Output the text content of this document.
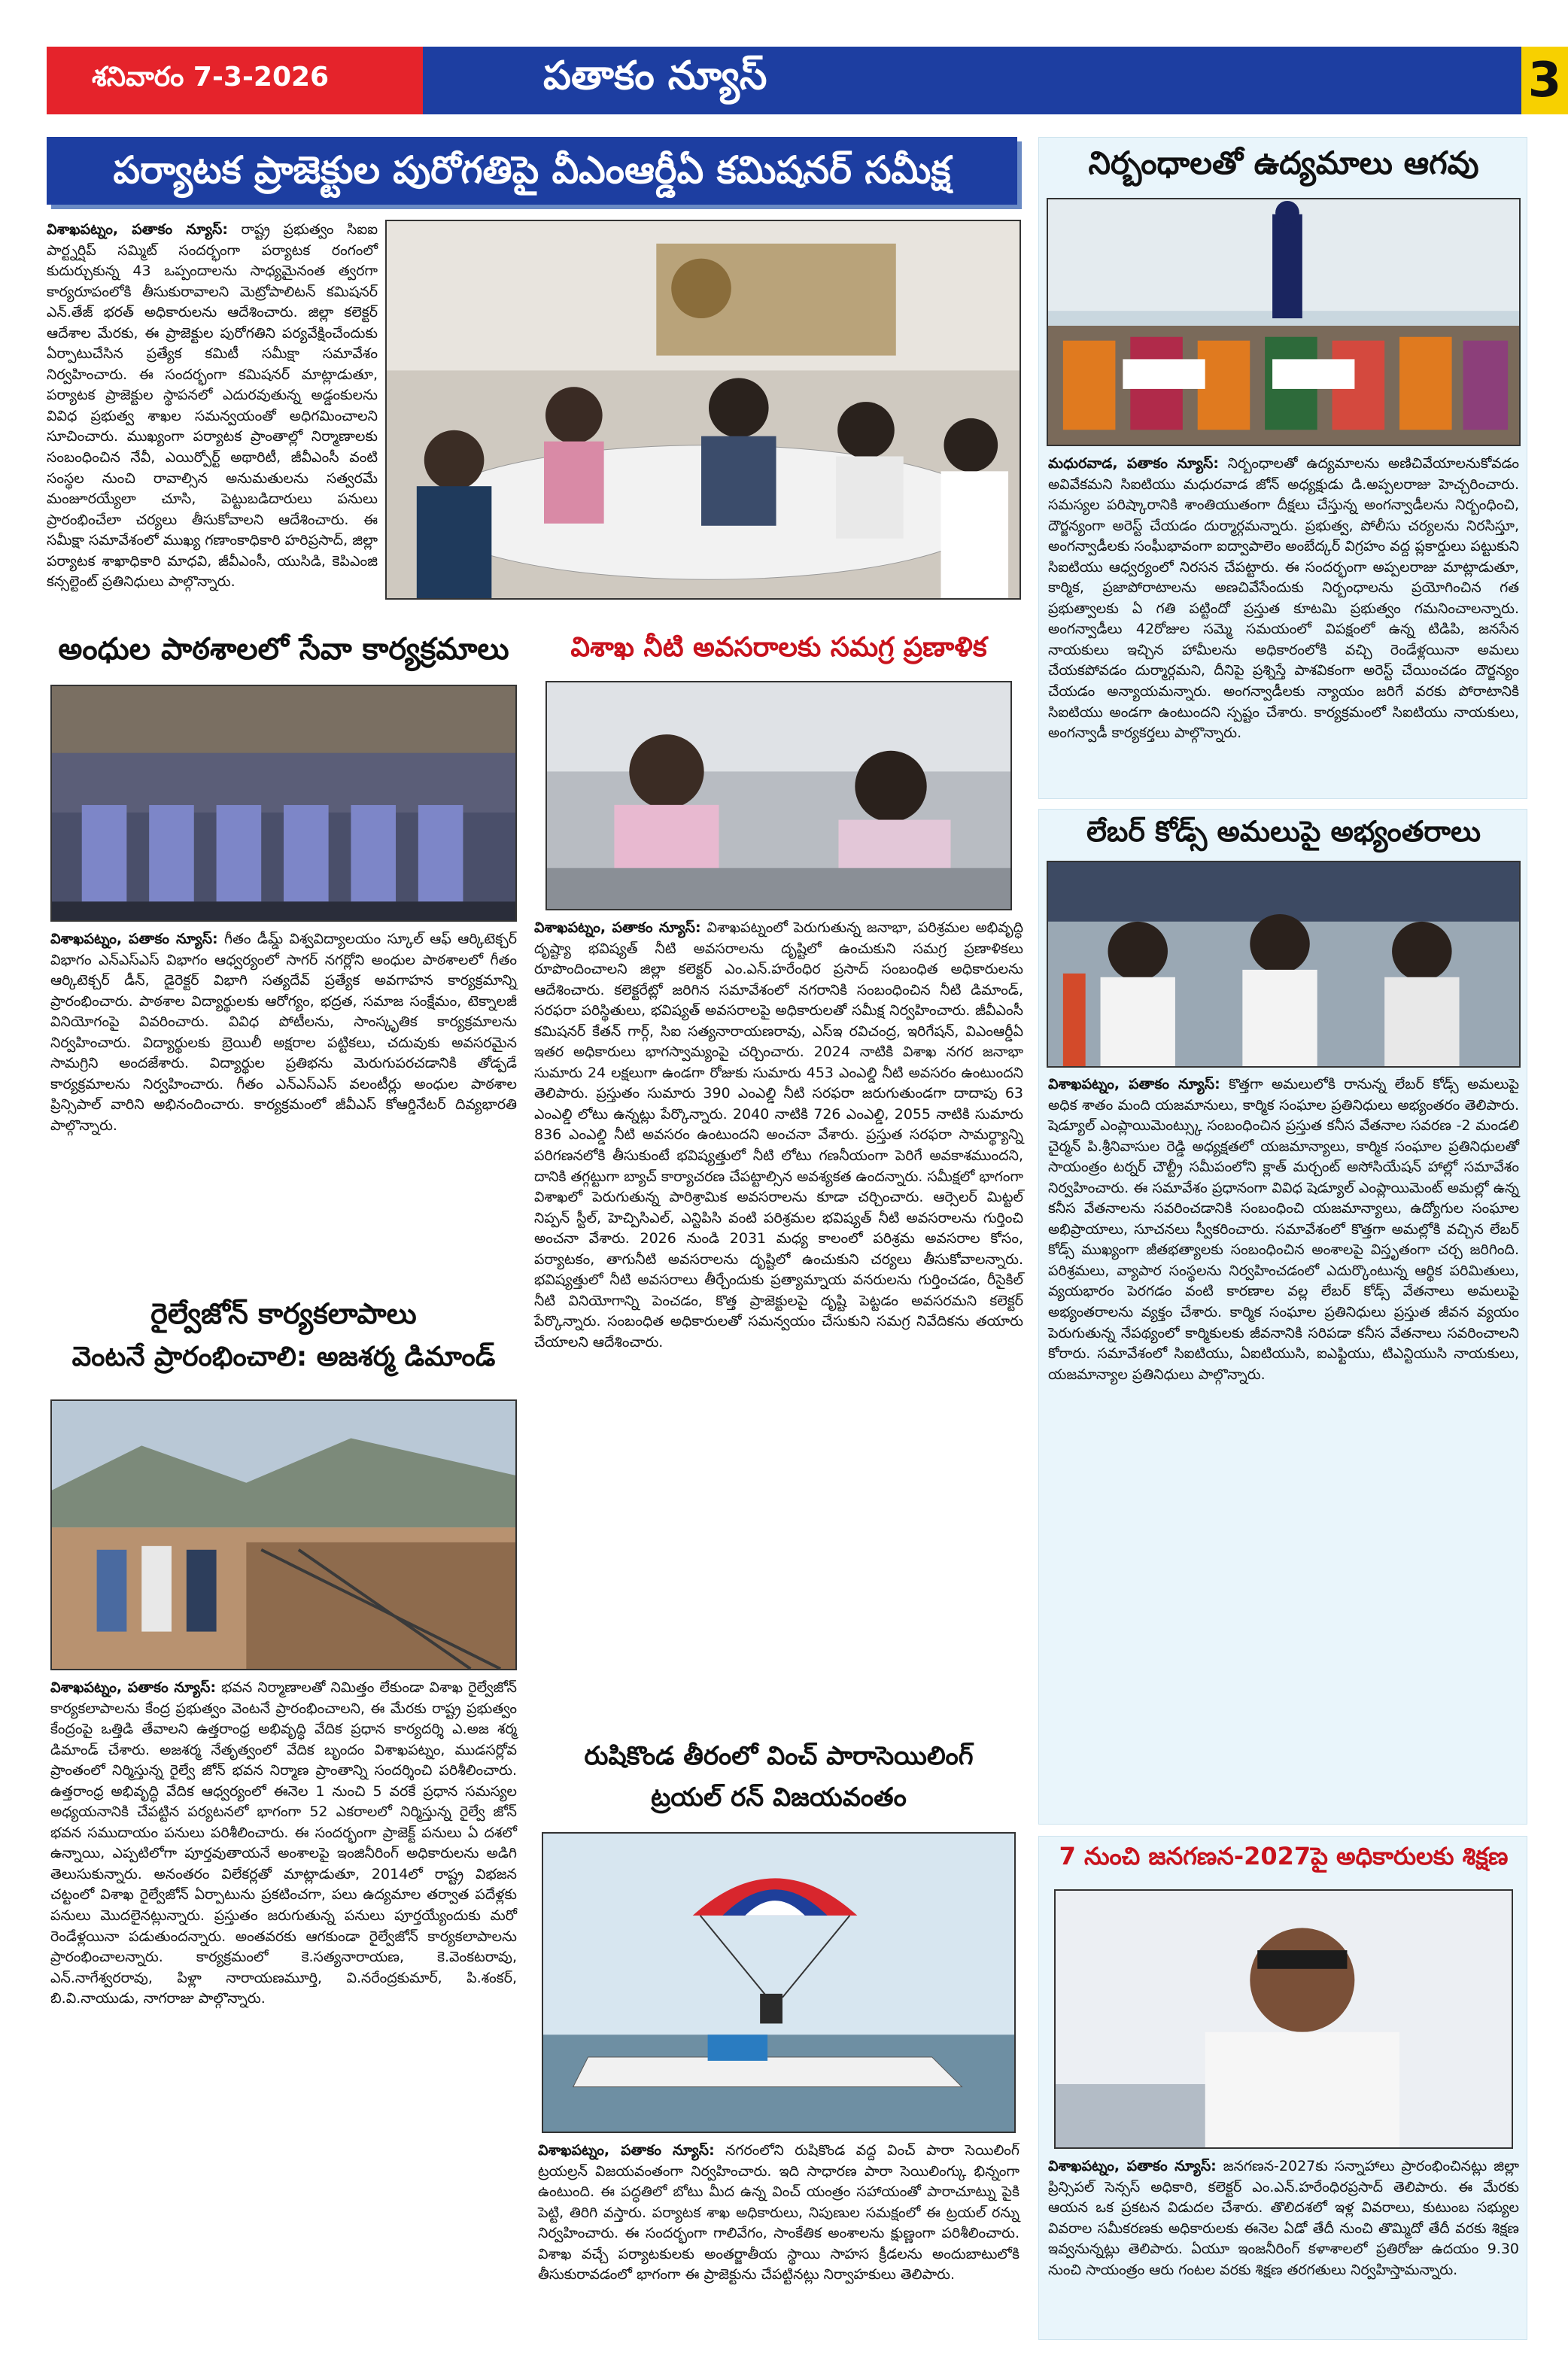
శనివారం 7-3-2026	పతాకం న్యూస్	3
పర్యాటక ప్రాజెక్టుల పురోగతిపై వీఎంఆర్డీఏ కమిషనర్ సమీక్ష
విశాఖపట్నం, పతాకం న్యూస్: రాష్ట్ర ప్రభుత్వం సిఐఐ పార్ట్నర్షిప్ సమ్మిట్ సందర్భంగా పర్యాటక రంగంలో కుదుర్చుకున్న 43 ఒప్పందాలను సాధ్యమైనంత త్వరగా కార్యరూపంలోకి తీసుకురావాలని మెట్రోపాలిటన్ కమిషనర్ ఎన్.తేజ్ భరత్ అధికారులను ఆదేశించారు. జిల్లా కలెక్టర్ ఆదేశాల మేరకు, ఈ ప్రాజెక్టుల పురోగతిని పర్యవేక్షించేందుకు ఏర్పాటుచేసిన ప్రత్యేక కమిటీ సమీక్షా సమావేశం నిర్వహించారు. ఈ సందర్భంగా కమిషనర్ మాట్లాడుతూ, పర్యాటక ప్రాజెక్టుల స్థాపనలో ఎదురవుతున్న అడ్డంకులను వివిధ ప్రభుత్వ శాఖల సమన్వయంతో అధిగమించాలని సూచించారు. ముఖ్యంగా పర్యాటక ప్రాంతాల్లో నిర్మాణాలకు సంబంధించిన నేవీ, ఎయిర్పోర్ట్ అథారిటీ, జీవీఎంసీ వంటి సంస్థల నుంచి రావాల్సిన అనుమతులను సత్వరమే మంజూరయ్యేలా చూసి, పెట్టుబడిదారులు పనులు ప్రారంభించేలా చర్యలు తీసుకోవాలని ఆదేశించారు. ఈ సమీక్షా సమావేశంలో ముఖ్య గణాంకాధికారి హరిప్రసాద్, జిల్లా పర్యాటక శాఖాధికారి మాధవి, జీవీఎంసీ, యుసిడి, కెపిఎంజి కన్సల్టెంట్ ప్రతినిధులు పాల్గొన్నారు.
నిర్బంధాలతో ఉద్యమాలు ఆగవు
మధురవాడ, పతాకం న్యూస్: నిర్బంధాలతో ఉద్యమాలను అణిచివేయాలనుకోవడం అవివేకమని సిఐటియు మధురవాడ జోన్ అధ్యక్షుడు డి.అప్పలరాజు హెచ్చరించారు. సమస్యల పరిష్కారానికి శాంతియుతంగా దీక్షలు చేస్తున్న అంగన్వాడీలను నిర్బంధించి, దౌర్జన్యంగా అరెస్ట్ చేయడం దుర్మార్గమన్నారు. ప్రభుత్వ, పోలీసు చర్యలను నిరసిస్తూ, అంగన్వాడీలకు సంఘీభావంగా ఐద్వాపాలెం అంబేద్కర్ విగ్రహం వద్ద ప్లకార్డులు పట్టుకుని సిఐటియు ఆధ్వర్యంలో నిరసన చేపట్టారు. ఈ సందర్భంగా అప్పలరాజు మాట్లాడుతూ, కార్మిక, ప్రజాపోరాటాలను అణచివేసేందుకు నిర్బంధాలను ప్రయోగించిన గత ప్రభుత్వాలకు ఏ గతి పట్టిందో ప్రస్తుత కూటమి ప్రభుత్వం గమనించాలన్నారు. అంగన్వాడీలు 42రోజుల సమ్మె సమయంలో విపక్షంలో ఉన్న టిడిపి, జనసేన నాయకులు ఇచ్చిన హామీలను అధికారంలోకి వచ్చి రెండేళ్లయినా అమలు చేయకపోవడం దుర్మార్గమని, దీనిపై ప్రశ్నిస్తే పాశవికంగా అరెస్ట్ చేయించడం దౌర్జన్యం చేయడం అన్యాయమన్నారు. అంగన్వాడీలకు న్యాయం జరిగే వరకు పోరాటానికి సిఐటియు అండగా ఉంటుందని స్పష్టం చేశారు. కార్యక్రమంలో సిఐటియు నాయకులు, అంగన్వాడీ కార్యకర్తలు పాల్గొన్నారు.
అంధుల పాఠశాలలో సేవా కార్యక్రమాలు
విశాఖపట్నం, పతాకం న్యూస్: గీతం డీమ్డ్ విశ్వవిద్యాలయం స్కూల్ ఆఫ్ ఆర్కిటెక్చర్ విభాగం ఎన్ఎస్ఎస్ విభాగం ఆధ్వర్యంలో సాగర్ నగర్లోని అంధుల పాఠశాలలో గీతం ఆర్కిటెక్చర్ డీన్, డైరెక్టర్ విభాగి సత్యదేవ్ ప్రత్యేక అవగాహన కార్యక్రమాన్ని ప్రారంభించారు. పాఠశాల విద్యార్థులకు ఆరోగ్యం, భద్రత, సమాజ సంక్షేమం, టెక్నాలజీ వినియోగంపై వివరించారు. వివిధ పోటీలను, సాంస్కృతిక కార్యక్రమాలను నిర్వహించారు. విద్యార్థులకు బ్రెయిలీ అక్షరాల పట్టికలు, చదువుకు అవసరమైన సామగ్రిని అందజేశారు. విద్యార్థుల ప్రతిభను మెరుగుపరచడానికి తోడ్పడే కార్యక్రమాలను నిర్వహించారు. గీతం ఎన్ఎస్ఎస్ వలంటీర్లు అంధుల పాఠశాల ప్రిన్సిపాల్ వారిని అభినందించారు. కార్యక్రమంలో జీవీఎస్ కోఆర్డినేటర్ దివ్యభారతి పాల్గొన్నారు.
విశాఖ నీటి అవసరాలకు సమగ్ర ప్రణాళిక
విశాఖపట్నం, పతాకం న్యూస్: విశాఖపట్నంలో పెరుగుతున్న జనాభా, పరిశ్రమల అభివృద్ధి దృష్ట్యా భవిష్యత్ నీటి అవసరాలను దృష్టిలో ఉంచుకుని సమగ్ర ప్రణాళికలు రూపొందించాలని జిల్లా కలెక్టర్ ఎం.ఎన్.హరేంధిర ప్రసాద్ సంబంధిత అధికారులను ఆదేశించారు. కలెక్టరేట్లో జరిగిన సమావేశంలో నగరానికి సంబంధించిన నీటి డిమాండ్, సరఫరా పరిస్థితులు, భవిష్యత్ అవసరాలపై అధికారులతో సమీక్ష నిర్వహించారు. జీవీఎంసీ కమిషనర్ కేతన్ గార్గ్, సిఐ సత్యనారాయణరావు, ఎస్ఇ రవిచంద్ర, ఇరిగేషన్, విఎంఆర్డీఏ ఇతర అధికారులు భాగస్వామ్యంపై చర్చించారు. 2024 నాటికి విశాఖ నగర జనాభా సుమారు 24 లక్షలుగా ఉండగా రోజుకు సుమారు 453 ఎంఎల్డి నీటి అవసరం ఉంటుందని తెలిపారు. ప్రస్తుతం సుమారు 390 ఎంఎల్డి నీటి సరఫరా జరుగుతుండగా దాదాపు 63 ఎంఎల్డి లోటు ఉన్నట్లు పేర్కొన్నారు. 2040 నాటికి 726 ఎంఎల్డి, 2055 నాటికి సుమారు 836 ఎంఎల్డి నీటి అవసరం ఉంటుందని అంచనా వేశారు. ప్రస్తుత సరఫరా సామర్థ్యాన్ని పరిగణనలోకి తీసుకుంటే భవిష్యత్తులో నీటి లోటు గణనీయంగా పెరిగే అవకాశముందని, దానికి తగ్గట్టుగా బ్యాచ్ కార్యాచరణ చేపట్టాల్సిన అవశ్యకత ఉందన్నారు. సమీక్షలో భాగంగా విశాఖలో పెరుగుతున్న పారిశ్రామిక అవసరాలను కూడా చర్చించారు. ఆర్సెలర్ మిట్టల్ నిప్పన్ స్టీల్, హెచ్పిసిఎల్, ఎన్టిపిసి వంటి పరిశ్రమల భవిష్యత్ నీటి అవసరాలను గుర్తించి అంచనా వేశారు. 2026 నుండి 2031 మధ్య కాలంలో పరిశ్రమ అవసరాల కోసం, పర్యాటకం, తాగునీటి అవసరాలను దృష్టిలో ఉంచుకుని చర్యలు తీసుకోవాలన్నారు. భవిష్యత్తులో నీటి అవసరాలు తీర్చేందుకు ప్రత్యామ్నాయ వనరులను గుర్తించడం, రీసైకిల్ నీటి వినియోగాన్ని పెంచడం, కొత్త ప్రాజెక్టులపై దృష్టి పెట్టడం అవసరమని కలెక్టర్ పేర్కొన్నారు. సంబంధిత అధికారులతో సమన్వయం చేసుకుని సమగ్ర నివేదికను తయారు చేయాలని ఆదేశించారు.
లేబర్ కోడ్స్ అమలుపై అభ్యంతరాలు
విశాఖపట్నం, పతాకం న్యూస్: కొత్తగా అమలులోకి రానున్న లేబర్ కోడ్స్ అమలుపై అధిక శాతం మంది యజమానులు, కార్మిక సంఘాల ప్రతినిధులు అభ్యంతరం తెలిపారు. షెడ్యూల్ ఎంప్లాయిమెంట్స్కు సంబంధించిన ప్రస్తుత కనీస వేతనాల సవరణ -2 మండలి చైర్మన్ పి.శ్రీనివాసుల రెడ్డి అధ్యక్షతలో యజమాన్యాలు, కార్మిక సంఘాల ప్రతినిధులతో సాయంత్రం టర్నర్ చౌల్ట్రీ సమీపంలోని క్లాత్ మర్చంట్ అసోసియేషన్ హాల్లో సమావేశం నిర్వహించారు. ఈ సమావేశం ప్రధానంగా వివిధ షెడ్యూల్ ఎంప్లాయిమెంట్ అమల్లో ఉన్న కనీస వేతనాలను సవరించడానికి సంబంధించి యజమాన్యాలు, ఉద్యోగుల సంఘాల అభిప్రాయాలు, సూచనలు స్వీకరించారు. సమావేశంలో కొత్తగా అమల్లోకి వచ్చిన లేబర్ కోడ్స్ ముఖ్యంగా జీతభత్యాలకు సంబంధించిన అంశాలపై విస్తృతంగా చర్చ జరిగింది. పరిశ్రమలు, వ్యాపార సంస్థలను నిర్వహించడంలో ఎదుర్కొంటున్న ఆర్థిక పరిమితులు, వ్యయభారం పెరగడం వంటి కారణాల వల్ల లేబర్ కోడ్స్ వేతనాలు అమలుపై అభ్యంతరాలను వ్యక్తం చేశారు. కార్మిక సంఘాల ప్రతినిధులు ప్రస్తుత జీవన వ్యయం పెరుగుతున్న నేపథ్యంలో కార్మికులకు జీవనానికి సరిపడా కనీస వేతనాలు సవరించాలని కోరారు. సమావేశంలో సిఐటియు, ఏఐటియుసి, ఐఎఫ్టియు, టిఎన్టియుసి నాయకులు, యజమాన్యాల ప్రతినిధులు పాల్గొన్నారు.
రైల్వేజోన్ కార్యకలాపాలు
వెంటనే ప్రారంభించాలి: అజశర్మ డిమాండ్
విశాఖపట్నం, పతాకం న్యూస్: భవన నిర్మాణాలతో నిమిత్తం లేకుండా విశాఖ రైల్వేజోన్ కార్యకలాపాలను కేంద్ర ప్రభుత్వం వెంటనే ప్రారంభించాలని, ఈ మేరకు రాష్ట్ర ప్రభుత్వం కేంద్రంపై ఒత్తిడి తేవాలని ఉత్తరాంధ్ర అభివృద్ధి వేదిక ప్రధాన కార్యదర్శి ఎ.అజ శర్మ డిమాండ్ చేశారు. అజశర్మ నేతృత్వంలో వేదిక బృందం విశాఖపట్నం, ముడసర్లోవ ప్రాంతంలో నిర్మిస్తున్న రైల్వే జోన్ భవన నిర్మాణ ప్రాంతాన్ని సందర్శించి పరిశీలించారు. ఉత్తరాంధ్ర అభివృద్ధి వేదిక ఆధ్వర్యంలో ఈనెల 1 నుంచి 5 వరకే ప్రధాన సమస్యల అధ్యయనానికి చేపట్టిన పర్యటనలో భాగంగా 52 ఎకరాలలో నిర్మిస్తున్న రైల్వే జోన్ భవన సముదాయం పనులు పరిశీలించారు. ఈ సందర్భంగా ప్రాజెక్ట్ పనులు ఏ దశలో ఉన్నాయి, ఎప్పటిలోగా పూర్తవుతాయనే అంశాలపై ఇంజినీరింగ్ అధికారులను అడిగి తెలుసుకున్నారు. అనంతరం విలేకర్లతో మాట్లాడుతూ, 2014లో రాష్ట్ర విభజన చట్టంలో విశాఖ రైల్వేజోన్ ఏర్పాటును ప్రకటించగా, పలు ఉద్యమాల తర్వాత పదేళ్లకు పనులు మొదలైనట్లున్నారు. ప్రస్తుతం జరుగుతున్న పనులు పూర్తయ్యేందుకు మరో రెండేళ్లయినా పడుతుందన్నారు. అంతవరకు ఆగకుండా రైల్వేజోన్ కార్యకలాపాలను ప్రారంభించాలన్నారు. కార్యక్రమంలో కె.సత్యనారాయణ, కె.వెంకటరావు, ఎన్.నాగేశ్వరరావు, పిళ్లా నారాయణమూర్తి, వి.నరేంద్రకుమార్, పి.శంకర్, బి.వి.నాయుడు, నాగరాజు పాల్గొన్నారు.
రుషికొండ తీరంలో వించ్ పారాసెయిలింగ్
ట్రయల్ రన్ విజయవంతం
విశాఖపట్నం, పతాకం న్యూస్: నగరంలోని రుషికొండ వద్ద వించ్ పారా సెయిలింగ్ ట్రయల్రన్ విజయవంతంగా నిర్వహించారు. ఇది సాధారణ పారా సెయిలింగ్కు భిన్నంగా ఉంటుంది. ఈ పద్ధతిలో బోటు మీద ఉన్న వించ్ యంత్రం సహాయంతో పారాచూట్ను పైకి పెట్టి, తిరిగి వస్తారు. పర్యాటక శాఖ అధికారులు, నిపుణుల సమక్షంలో ఈ ట్రయల్ రన్ను నిర్వహించారు. ఈ సందర్భంగా గాలివేగం, సాంకేతిక అంశాలను క్షుణ్ణంగా పరిశీలించారు. విశాఖ వచ్చే పర్యాటకులకు అంతర్జాతీయ స్థాయి సాహస క్రీడలను అందుబాటులోకి తీసుకురావడంలో భాగంగా ఈ ప్రాజెక్టును చేపట్టినట్లు నిర్వాహకులు తెలిపారు.
7 నుంచి జనగణన-2027పై అధికారులకు శిక్షణ
విశాఖపట్నం, పతాకం న్యూస్: జనగణన-2027కు సన్నాహాలు ప్రారంభించినట్లు జిల్లా ప్రిన్సిపల్ సెన్సస్ అధికారి, కలెక్టర్ ఎం.ఎన్.హరేంధిరప్రసాద్ తెలిపారు. ఈ మేరకు ఆయన ఒక ప్రకటన విడుదల చేశారు. తొలిదశలో ఇళ్ల వివరాలు, కుటుంబ సభ్యుల వివరాల సమీకరణకు అధికారులకు ఈనెల ఏడో తేదీ నుంచి తొమ్మిదో తేదీ వరకు శిక్షణ ఇవ్వనున్నట్లు తెలిపారు. ఏయూ ఇంజనీరింగ్ కళాశాలలో ప్రతిరోజు ఉదయం 9.30 నుంచి సాయంత్రం ఆరు గంటల వరకు శిక్షణ తరగతులు నిర్వహిస్తామన్నారు.
